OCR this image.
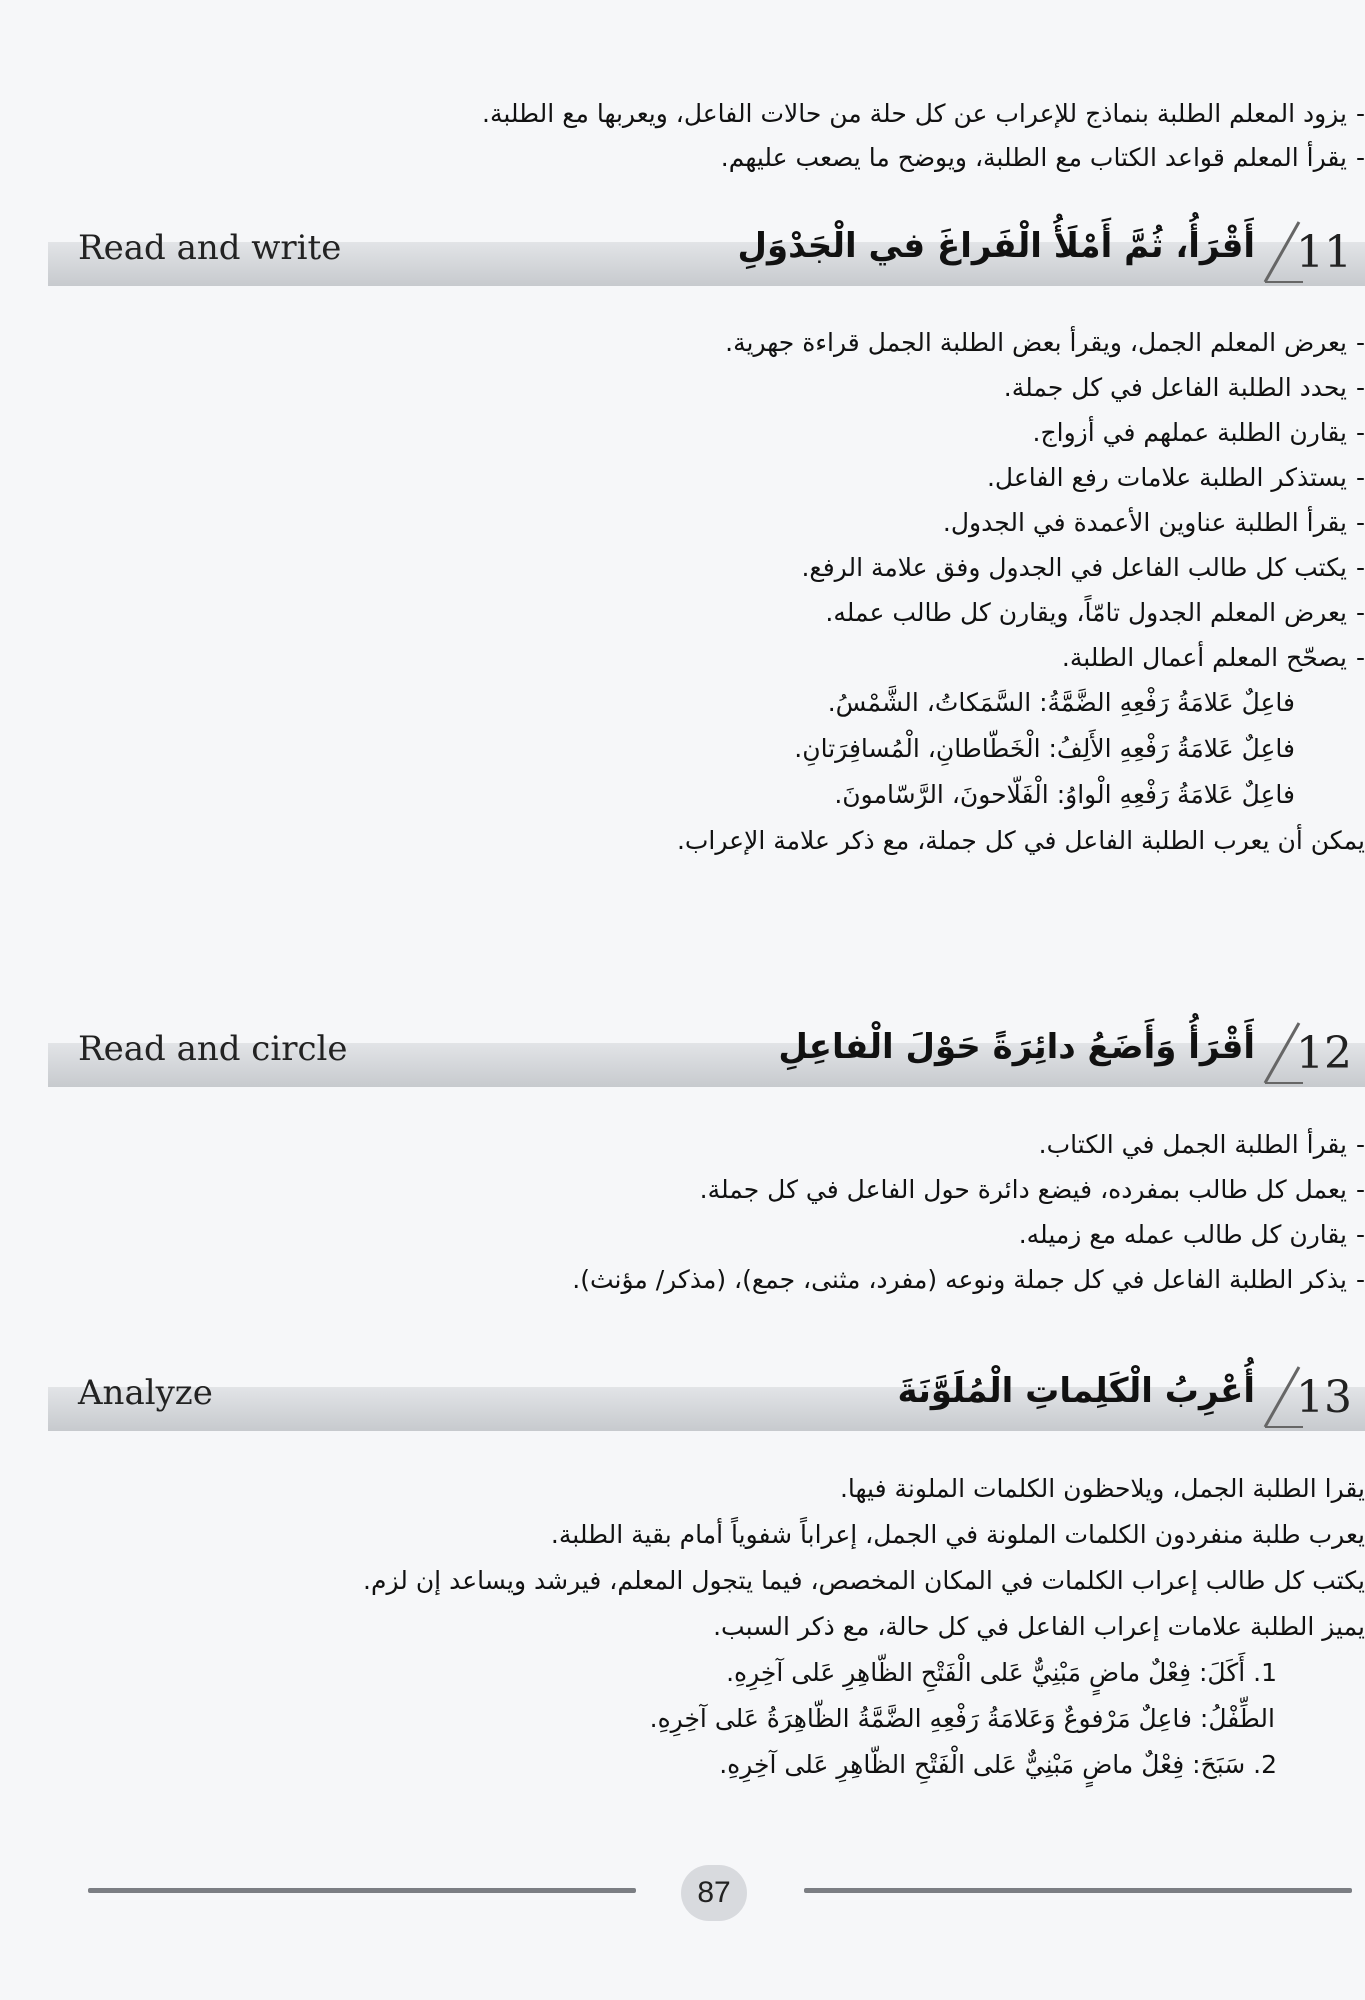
-يزود المعلم الطلبة بنماذج للإعراب عن كل حلة من حالات الفاعل، ويعربها مع الطلبة.
-يقرأ المعلم قواعد الكتاب مع الطلبة، ويوضح ما يصعب عليهم.
11
أَقْرَأُ، ثُمَّ أَمْلَأُ الْفَراغَ في الْجَدْوَلِ
Read and write
-يعرض المعلم الجمل، ويقرأ بعض الطلبة الجمل قراءة جهرية.
-يحدد الطلبة الفاعل في كل جملة.
-يقارن الطلبة عملهم في أزواج.
-يستذكر الطلبة علامات رفع الفاعل.
-يقرأ الطلبة عناوين الأعمدة في الجدول.
-يكتب كل طالب الفاعل في الجدول وفق علامة الرفع.
-يعرض المعلم الجدول تامّاً، ويقارن كل طالب عمله.
-يصحّح المعلم أعمال الطلبة.
فاعِلٌ عَلامَةُ رَفْعِهِ الضَّمَّةُ: السَّمَكاتُ، الشَّمْسُ.
فاعِلٌ عَلامَةُ رَفْعِهِ الأَلِفُ: الْخَطّاطانِ، الْمُسافِرَتانِ.
فاعِلٌ عَلامَةُ رَفْعِهِ الْواوُ: الْفَلّاحونَ، الرَّسّامونَ.
يمكن أن يعرب الطلبة الفاعل في كل جملة، مع ذكر علامة الإعراب.
12
أَقْرَأُ وَأَضَعُ دائِرَةً حَوْلَ الْفاعِلِ
Read and circle
-يقرأ الطلبة الجمل في الكتاب.
-يعمل كل طالب بمفرده، فيضع دائرة حول الفاعل في كل جملة.
-يقارن كل طالب عمله مع زميله.
-يذكر الطلبة الفاعل في كل جملة ونوعه (مفرد، مثنى، جمع)، (مذكر/ مؤنث).
13
أُعْرِبُ الْكَلِماتِ الْمُلَوَّنَةَ
Analyze
يقرا الطلبة الجمل، ويلاحظون الكلمات الملونة فيها.
يعرب طلبة منفردون الكلمات الملونة في الجمل، إعراباً شفوياً أمام بقية الطلبة.
يكتب كل طالب إعراب الكلمات في المكان المخصص، فيما يتجول المعلم، فيرشد ويساعد إن لزم.
يميز الطلبة علامات إعراب الفاعل في كل حالة، مع ذكر السبب.
1. أَكَلَ: فِعْلٌ ماضٍ مَبْنِيٌّ عَلى الْفَتْحِ الظّاهِرِ عَلى آخِرِهِ.
الطِّفْلُ: فاعِلٌ مَرْفوعٌ وَعَلامَةُ رَفْعِهِ الضَّمَّةُ الظّاهِرَةُ عَلى آخِرِهِ.
2. سَبَحَ: فِعْلٌ ماضٍ مَبْنِيٌّ عَلى الْفَتْحِ الظّاهِرِ عَلى آخِرِهِ.
87
